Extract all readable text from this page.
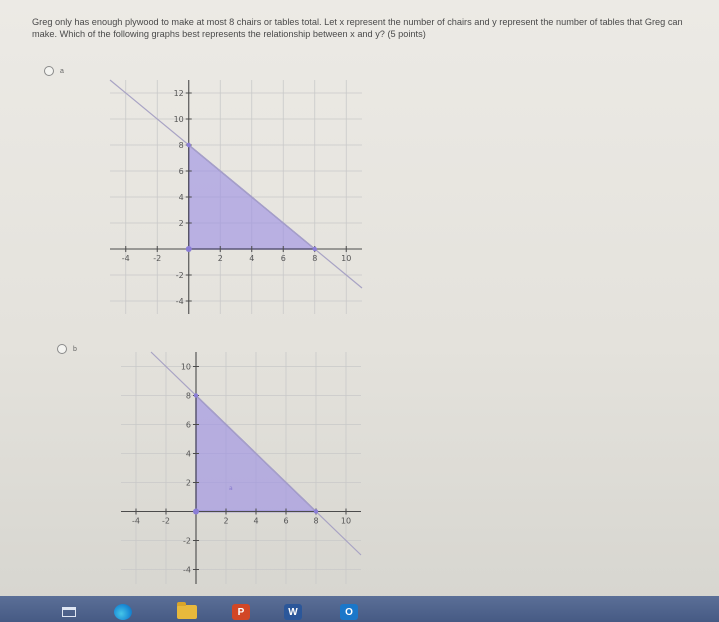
Greg only has enough plywood to make at most 8 chairs or tables total. Let x represent the number of chairs and y represent the number of tables that Greg can make. Which of the following graphs best represents the relationship between x and y? (5 points)

a
-4	-2	2	4	6	8	10
12
10
8
6
4
2
-2
-4
b
-4	-2	2	4	6	8	10
10
8
6
4
2
-2
-4
a
P	W	O
